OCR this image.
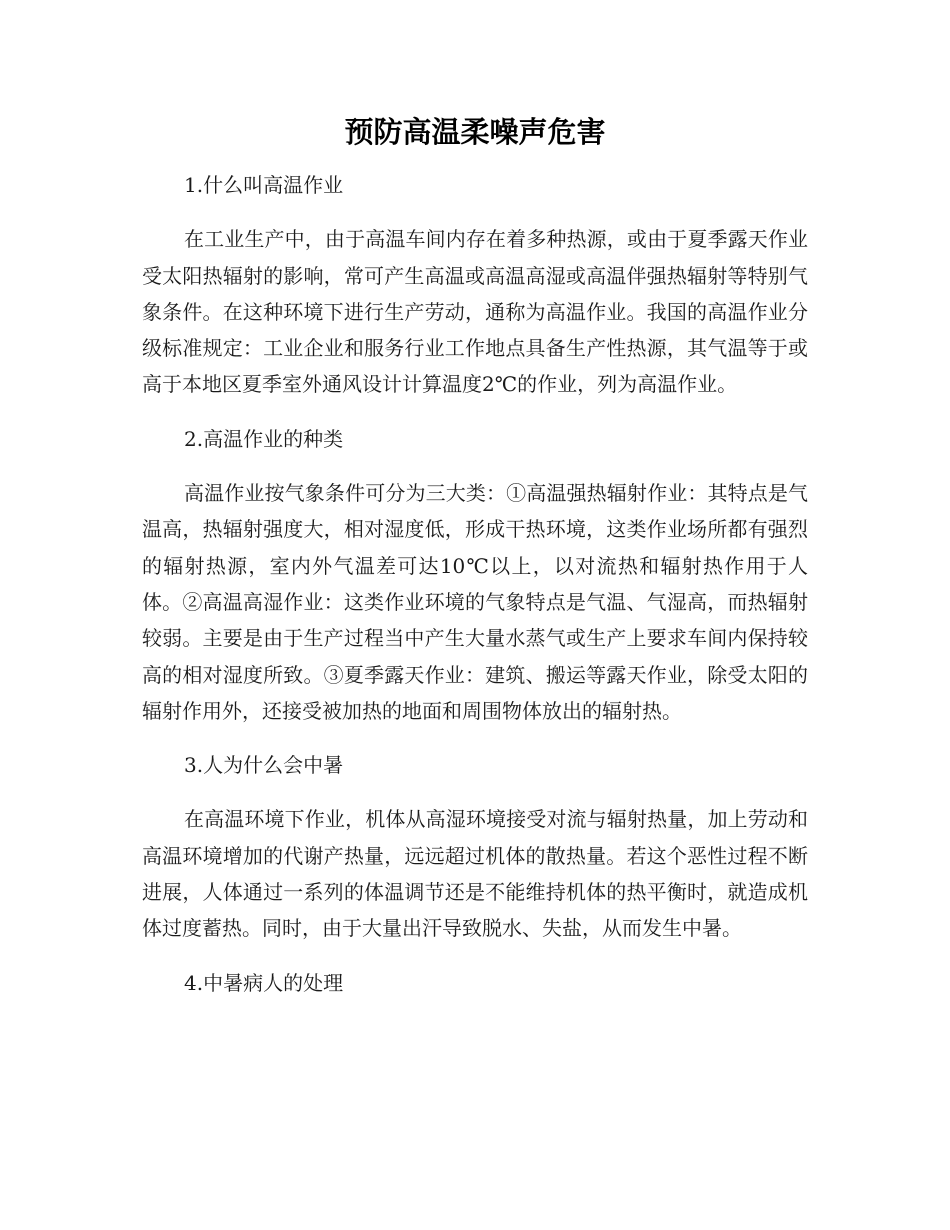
预防高温柔噪声危害

1.什么叫高温作业

在工业生产中，由于高温车间内存在着多种热源，或由于夏季露天作业受太阳热辐射的影响，常可产生高温或高温高湿或高温伴强热辐射等特别气象条件。在这种环境下进行生产劳动，通称为高温作业。我国的高温作业分级标准规定：工业企业和服务行业工作地点具备生产性热源，其气温等于或高于本地区夏季室外通风设计计算温度2℃的作业，列为高温作业。

2.高温作业的种类

高温作业按气象条件可分为三大类：①高温强热辐射作业：其特点是气温高，热辐射强度大，相对湿度低，形成干热环境，这类作业场所都有强烈的辐射热源，室内外气温差可达10℃以上，以对流热和辐射热作用于人体。②高温高湿作业：这类作业环境的气象特点是气温、气湿高，而热辐射较弱。主要是由于生产过程当中产生大量水蒸气或生产上要求车间内保持较高的相对湿度所致。③夏季露天作业：建筑、搬运等露天作业，除受太阳的辐射作用外，还接受被加热的地面和周围物体放出的辐射热。

3.人为什么会中暑

在高温环境下作业，机体从高湿环境接受对流与辐射热量，加上劳动和高温环境增加的代谢产热量，远远超过机体的散热量。若这个恶性过程不断进展，人体通过一系列的体温调节还是不能维持机体的热平衡时，就造成机体过度蓄热。同时，由于大量出汗导致脱水、失盐，从而发生中暑。

4.中暑病人的处理
